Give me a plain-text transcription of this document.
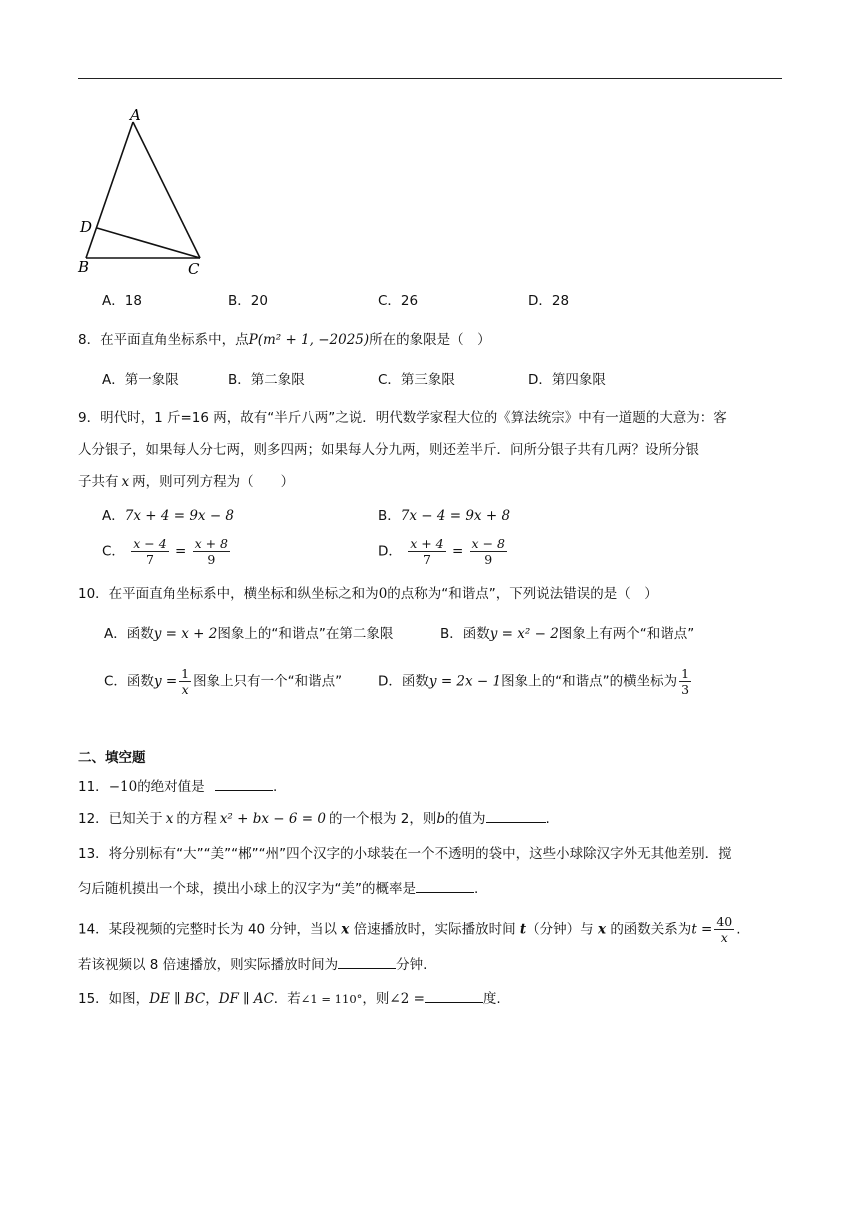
A
D
B	C
A．18	B．20	C．26	D．28
8．在平面直角坐标系中，点P(m² + 1, −2025)所在的象限是（　）
A．第一象限	B．第二象限	C．第三象限	D．第四象限
9．明代时，1 斤=16 两，故有“半斤八两”之说．明代数学家程大位的《算法统宗》中有一道题的大意为：客
人分银子，如果每人分七两，则多四两；如果每人分九两，则还差半斤．问所分银子共有几两？设所分银
子共有 x 两，则可列方程为（　　）
A．7x + 4 = 9x − 8	B．7x − 4 = 9x + 8
C． $\frac{x - 4}{7} = \frac{x + 8}{9}$	D． $\frac{x + 4}{7} = \frac{x - 8}{9}$
10．在平面直角坐标系中，横坐标和纵坐标之和为0的点称为“和谐点”，下列说法错误的是（　）
A．函数y = x + 2图象上的“和谐点”在第二象限	B．函数y = x² − 2图象上有两个“和谐点”
C．函数$y = \frac{1}{x}$ 图象上只有一个“和谐点”	D．函数y = 2x − 1图象上的“和谐点”的横坐标为 $\frac{1}{3}$
二、填空题
11．−10的绝对值是	.
12．已知关于 x 的方程 x² + bx − 6 = 0 的一个根为 2，则b的值为	.
13．将分别标有“大”“美”“郴”“州”四个汉字的小球装在一个不透明的袋中，这些小球除汉字外无其他差别．搅
匀后随机摸出一个球，摸出小球上的汉字为“美”的概率是	.
14．某段视频的完整时长为 40 分钟，当以 x 倍速播放时，实际播放时间 t（分钟）与 x 的函数关系为$t = \frac{40}{x}$ .
若该视频以 8 倍速播放，则实际播放时间为	分钟.
15．如图，DE ∥ BC，DF ∥ AC．若∠1 = 110°，则∠2 =	度.
